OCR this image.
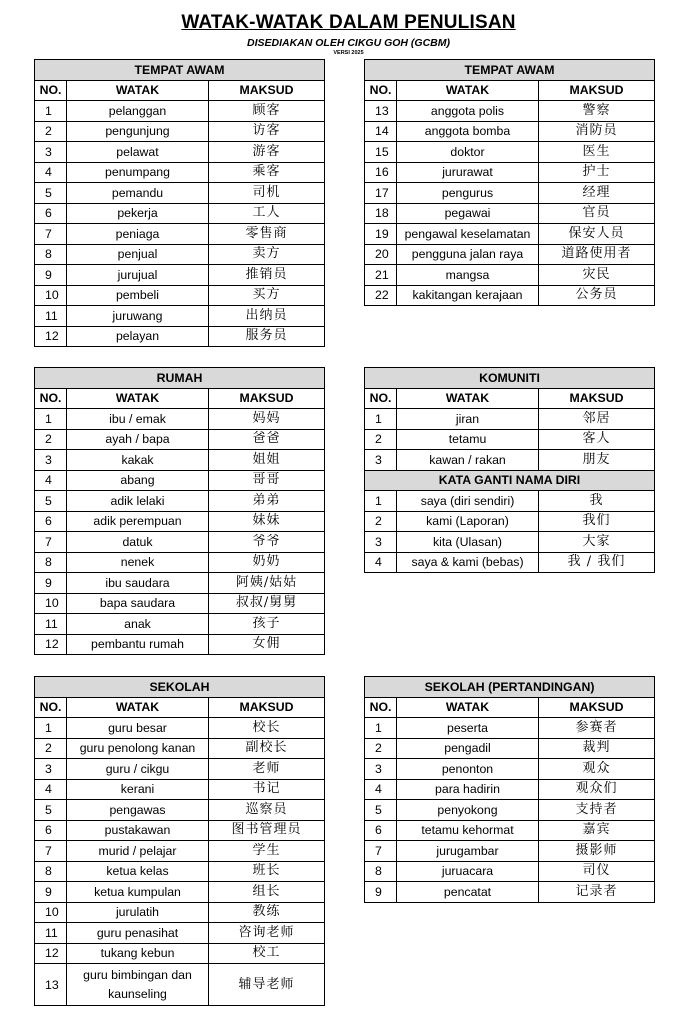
WATAK-WATAK DALAM PENULISAN
DISEDIAKAN OLEH CIKGU GOH (GCBM)
VERSI 2025
TEMPAT AWAM		
NO.	WATAK	MAKSUD
1	pelanggan	顾客
2	pengunjung	访客
3	pelawat	游客
4	penumpang	乘客
5	pemandu	司机
6	pekerja	工人
7	peniaga	零售商
8	penjual	卖方
9	jurujual	推销员
10	pembeli	买方
11	juruwang	出纳员
12	pelayan	服务员
TEMPAT AWAM		
NO.	WATAK	MAKSUD
13	anggota polis	警察
14	anggota bomba	消防员
15	doktor	医生
16	jururawat	护士
17	pengurus	经理
18	pegawai	官员
19	pengawal keselamatan	保安人员
20	pengguna jalan raya	道路使用者
21	mangsa	灾民
22	kakitangan kerajaan	公务员
RUMAH		
NO.	WATAK	MAKSUD
1	ibu / emak	妈妈
2	ayah / bapa	爸爸
3	kakak	姐姐
4	abang	哥哥
5	adik lelaki	弟弟
6	adik perempuan	妹妹
7	datuk	爷爷
8	nenek	奶奶
9	ibu saudara	阿姨/姑姑
10	bapa saudara	叔叔/舅舅
11	anak	孩子
12	pembantu rumah	女佣
KOMUNITI		
NO.	WATAK	MAKSUD
1	jiran	邻居
2	tetamu	客人
3	kawan / rakan	朋友
KATA GANTI NAMA DIRI		
1	saya (diri sendiri)	我
2	kami (Laporan)	我们
3	kita (Ulasan)	大家
4	saya & kami (bebas)	我 / 我们
SEKOLAH		
NO.	WATAK	MAKSUD
1	guru besar	校长
2	guru penolong kanan	副校长
3	guru / cikgu	老师
4	kerani	书记
5	pengawas	巡察员
6	pustakawan	图书管理员
7	murid / pelajar	学生
8	ketua kelas	班长
9	ketua kumpulan	组长
10	jurulatih	教练
11	guru penasihat	咨询老师
12	tukang kebun	校工
13	guru bimbingan dan kaunseling	辅导老师
SEKOLAH (PERTANDINGAN)		
NO.	WATAK	MAKSUD
1	peserta	参赛者
2	pengadil	裁判
3	penonton	观众
4	para hadirin	观众们
5	penyokong	支持者
6	tetamu kehormat	嘉宾
7	jurugambar	摄影师
8	juruacara	司仪
9	pencatat	记录者
